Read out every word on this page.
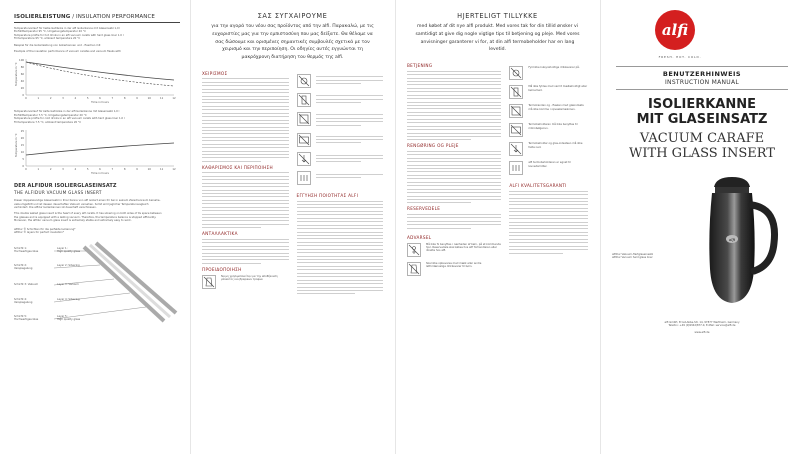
ISOLIERLEISTUNG / INSULATION PERFORMANCE
Temperaturverlauf für heiße Getränke in der alfi Isolierkanne mit Glaseinsatz 1,0 l
Einfüllttemperatur 95 °C, Umgebungstemperatur 20 °C
Temperature profile for hot drinks in an alfi vacuum carafe with hard glass liner 1.0 l
Fill temperature 95 °C, ambient temperature 20 °C
Beispiel für die Isolierleistung von Isolierkannen und - flaschen mit
Example of the insulation performance of vacuum carafes and vacuum flasks with
Temperature in °C
100
80
60
40
20
0
0	1	2	3	4	5	6	7	8	9	10	11	12
Time in hours
Temperaturverlauf für kalte Getränke in der alfi Isolierkanne mit Glaseinsatz 1,0 l
Einfüllttemperatur 7,5 °C, Umgebungstemperatur 20 °C
Temperature profile for cold drinks in an alfi vacuum carafe with hard glass liner 1.0 l
Fill temperature 7.5 °C, ambient temperature 20 °C
Temperature in °C
25
20
15
10
5
0
0	1	2	3	4	5	6	7	8	9	10	11	12
Time in hours
DER ALFIDUR ISOLIERGLASEINSATZ
THE ALFIDUR VACUUM GLASS INSERT
Dieser doppelwandige Glaseinsatz in Ihrer Kanne von alfi isoliert einen Ihr bei in seinem Zwischenraum beinahe-
vakuumgefüllt und ist dessen dauerhaften Vakuum versehen. Somit wird jeglicher Temperaturausgleich
verhindert. Die alfidur Isolierkannen ist dauerhaft verschlossen.
This double walled glass insert is the heart of every alfi carafe. It has silvering on both sides of its space between
the glasses and is equipped with a lasting vacuum. Therefore, the temperature balance is stopped efficiently.
Moreover, the alfidur vacuum glass insert is extremely stable and extremely easy to work.
alfiDur ® Schichten für die perfekte Isolierung*
alfiDur ® layers for perfect insulation*
Schicht 1:
Hochwertiges Glas
Schicht 2:
Verspiegelung
Schicht 3: Vakuum
Schicht 4:
Verspiegelung
Schicht 5:
Hochwertiges Glas
Layer 1:
High quality glass
Layer 2: Silvering
Layer 3: Vacuum
Layer 4: Silvering
Layer 5:
High quality glass
ΣΑΣ ΣΥΓΧΑΙΡΟΥΜΕ
για την αγορά του νέου σας προϊόντος από την alfi. Παρακαλώ, με τις ευχαριστίες μας για την εμπιστοσύνη που μας δείξατε. Θα θέλαμε να σας δώσουμε και ορισμένες σημαντικές συμβουλές σχετικά με τον χειρισμό και την περιποίηση. Οι οδηγίες αυτές εγγυώνται τη μακρόχρονη διατήρηση του θερμός της alfi.
ΧΕΙΡΙΣΜΟΣ
ΚΑΘΑΡΙΣΜΟΣ ΚΑΙ ΠΕΡΙΠΟΙΗΣΗ
ΑΝΤΑΛΛΑΚΤΙΚΑ
ΠΡΟΕΙΔΟΠΟΙΗΣΗ
Να μη χρησιμοποιείται για την αποθήκευση γάλακτος και βρεφικών τροφών
ΕΓΓΥΗΣΗ ΠΟΙΟΤΗΤΑΣ ALFI
HJERTELIGT TILLYKKE
med købet af dit nye alfi produkt. Med vores tak for din tillid ønsker vi samtidigt at give dig nogle vigtige tips til betjening og pleje. Med vores anvisninger garanterer vi for, at din alfi termobeholder har en lang levetid.
BETJENING
RENGØRING OG PLEJE
RESERVEDELE
ADVARSEL
Må ikke fx benyttes i nærheden af børn, på et kommende hjul. Reservedele skal købes hos alfi forhandleren eller direkte hos alfi.
Skal ikke opbevares med mælk eller andre letfordærvelige drikkevarer til børn.
Fyld ikke kulsyreholdige drikkevarer på.
Må ikke fyldes med varmt mælkeholdigt eller børnemad.
Termokanden og - flasken med glasindsats må ikke komme i opvaskemaskinen.
Termobeholderen må ikke benyttes til mikrobølgeovn.
Termobeholder og glas-indsatsen må ikke falde ned.
alfi termobeholderen er egnet til levnedsmidler.
ALFI KVALITETSGARANTI
alfi
FRESH. HOT. COLD.
BENUTZERHINWEIS
INSTRUCTION MANUAL
ISOLIERKANNE
MIT GLASEINSATZ
VACUUM CARAFE
WITH GLASS INSERT
alfiDur Vakuum-Hartglaseinsatz
alfiDur Vacuum hard glass liner
alfi
alfi GmbH, Ernst-Abbe-Str. 14, 97877 Wertheim, Germany
Telefon: +49 (0)9342/877-0, E-Mail: service@alfi.de
www.alfi.de
